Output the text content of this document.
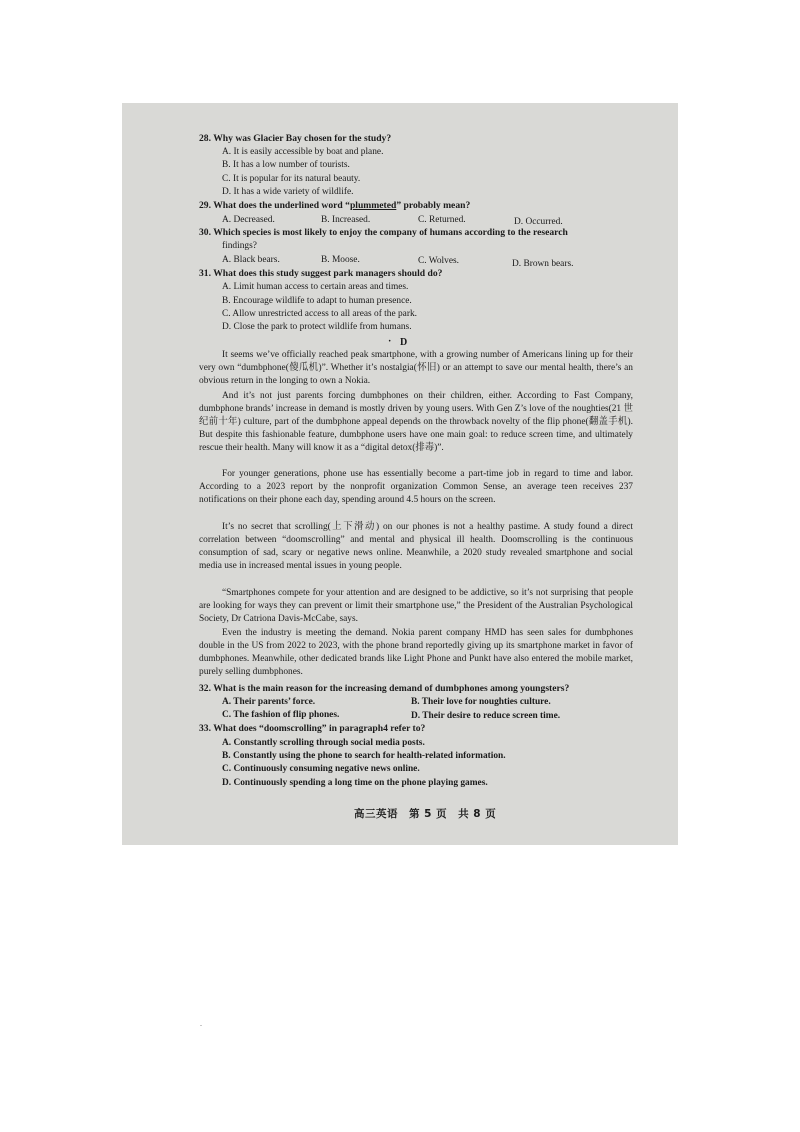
28. Why was Glacier Bay chosen for the study?
A. It is easily accessible by boat and plane.
B. It has a low number of tourists.
C. It is popular for its natural beauty.
D. It has a wide variety of wildlife.
29. What does the underlined word “plummeted” probably mean?
A. Decreased.	B. Increased.	C. Returned.	D. Occurred.
30. Which species is most likely to enjoy the company of humans according to the research
findings?
A. Black bears.	B. Moose.	C. Wolves.	D. Brown bears.
31. What does this study suggest park managers should do?
A. Limit human access to certain areas and times.
B. Encourage wildlife to adapt to human presence.
C. Allow unrestricted access to all areas of the park.
D. Close the park to protect wildlife from humans.
· D
It seems we’ve officially reached peak smartphone, with a growing number of Americans lining up for their very own “dumbphone(傻瓜机)”. Whether it’s nostalgia(怀旧) or an attempt to save our mental health, there’s an obvious return in the longing to own a Nokia.
And it’s not just parents forcing dumbphones on their children, either. According to Fast Company, dumbphone brands’ increase in demand is mostly driven by young users. With Gen Z’s love of the noughties(21 世纪前十年) culture, part of the dumbphone appeal depends on the throwback novelty of the flip phone(翻盖手机). But despite this fashionable feature, dumbphone users have one main goal: to reduce screen time, and ultimately rescue their health. Many will know it as a “digital detox(排毒)”.
For younger generations, phone use has essentially become a part-time job in regard to time and labor. According to a 2023 report by the nonprofit organization Common Sense, an average teen receives 237 notifications on their phone each day, spending around 4.5 hours on the screen.
It’s no secret that scrolling(上下滑动) on our phones is not a healthy pastime. A study found a direct correlation between “doomscrolling” and mental and physical ill health. Doomscrolling is the continuous consumption of sad, scary or negative news online. Meanwhile, a 2020 study revealed smartphone and social media use in increased mental issues in young people.
“Smartphones compete for your attention and are designed to be addictive, so it’s not surprising that people are looking for ways they can prevent or limit their smartphone use,” the President of the Australian Psychological Society, Dr Catriona Davis-McCabe, says.
Even the industry is meeting the demand. Nokia parent company HMD has seen sales for dumbphones double in the US from 2022 to 2023, with the phone brand reportedly giving up its smartphone market in favor of dumbphones. Meanwhile, other dedicated brands like Light Phone and Punkt have also entered the mobile market, purely selling dumbphones.
32. What is the main reason for the increasing demand of dumbphones among youngsters?
A. Their parents’ force.	B. Their love for noughties culture.
C. The fashion of flip phones.	D. Their desire to reduce screen time.
33. What does “doomscrolling” in paragraph4 refer to?
A. Constantly scrolling through social media posts.
B. Constantly using the phone to search for health-related information.
C. Continuously consuming negative news online.
D. Continuously spending a long time on the phone playing games.
高三英语　第 5 页　共 8 页
